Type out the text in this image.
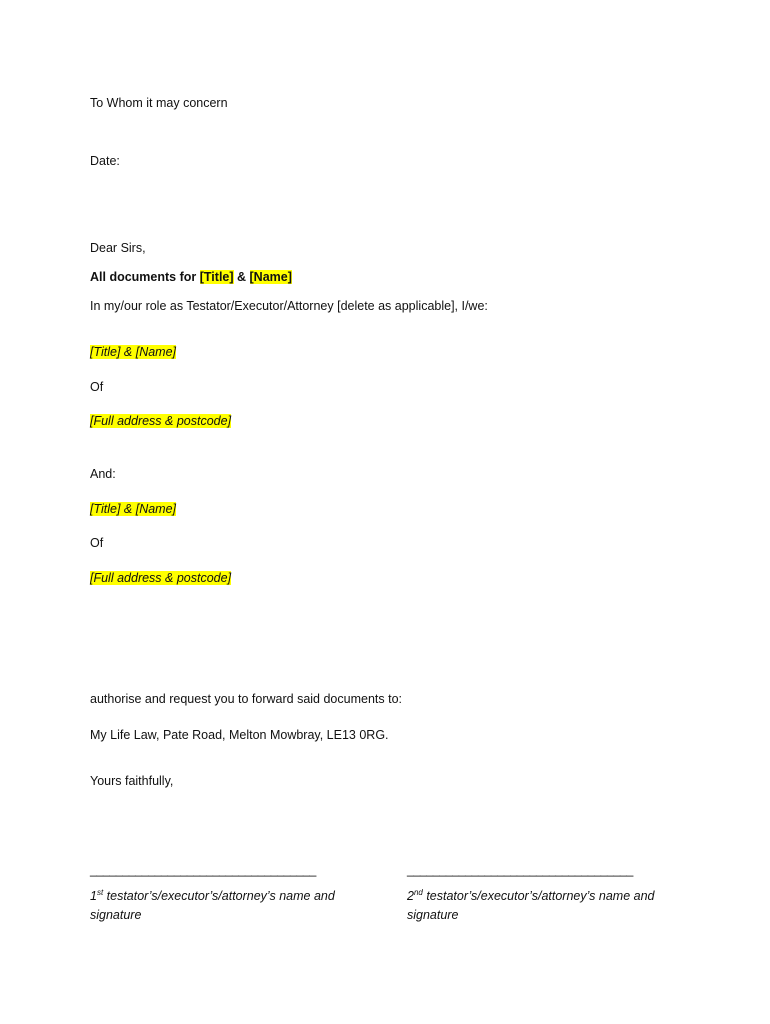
To Whom it may concern
Date:
Dear Sirs,
All documents for [Title] & [Name]
In my/our role as Testator/Executor/Attorney [delete as applicable], I/we:
[Title] & [Name]
Of
[Full address & postcode]
And:
[Title] & [Name]
Of
[Full address & postcode]
authorise and request you to forward said documents to:
My Life Law, Pate Road, Melton Mowbray, LE13 0RG.
Yours faithfully,
___________________________________
1st testator’s/executor’s/attorney’s name and
signature
___________________________________
2nd testator’s/executor’s/attorney’s name and
signature
